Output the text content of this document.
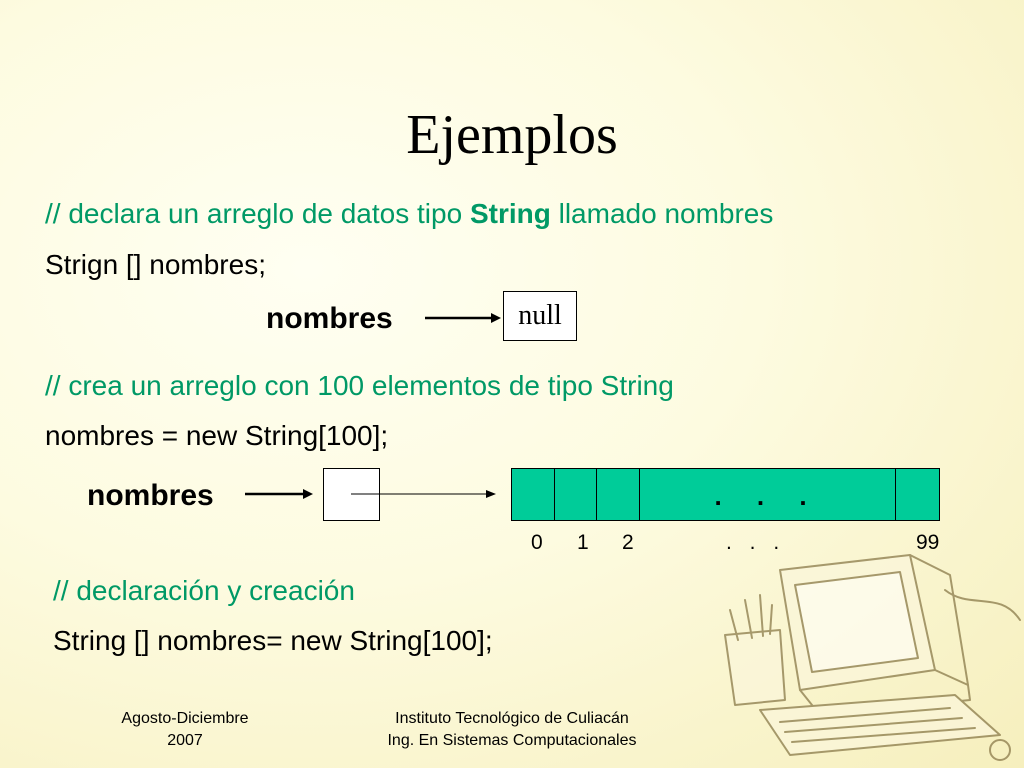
Ejemplos
// declara un arreglo de datos tipo String llamado nombres
Strign [] nombres;
nombres	null
// crea un arreglo con 100 elementos de tipo String
nombres = new String[100];
nombres	. . .
0 1 2	. . .	99
// declaración y creación
String [] nombres= new String[100];
Agosto-Diciembre
2007
Instituto Tecnológico de Culiacán
Ing. En Sistemas Computacionales
